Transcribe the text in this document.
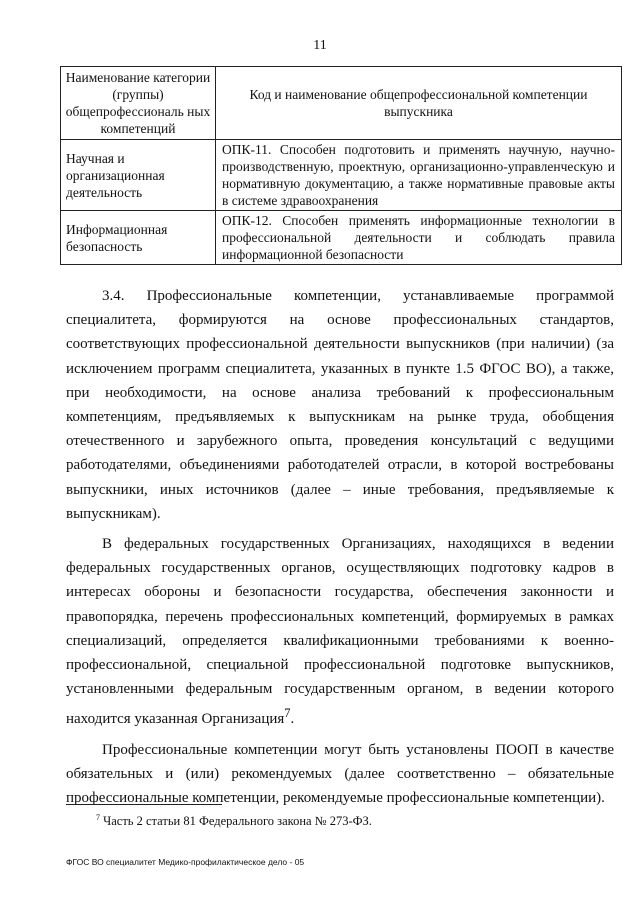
11
Наименование категории (группы) общепрофессиональ ных компетенций	Код и наименование общепрофессиональной компетенции выпускника
Научная и организационная деятельность	ОПК-11. Способен подготовить и применять научную, научно-производственную, проектную, организационно-управленческую и нормативную документацию, а также нормативные правовые акты в системе здравоохранения
Информационная безопасность	ОПК-12. Способен применять информационные технологии в профессиональной деятельности и соблюдать правила информационной безопасности

3.4. Профессиональные компетенции, устанавливаемые программой специалитета, формируются на основе профессиональных стандартов, соответствующих профессиональной деятельности выпускников (при наличии) (за исключением программ специалитета, указанных в пункте 1.5 ФГОС ВО), а также, при необходимости, на основе анализа требований к профессиональным компетенциям, предъявляемых к выпускникам на рынке труда, обобщения отечественного и зарубежного опыта, проведения консультаций с ведущими работодателями, объединениями работодателей отрасли, в которой востребованы выпускники, иных источников (далее – иные требования, предъявляемые к выпускникам).

В федеральных государственных Организациях, находящихся в ведении федеральных государственных органов, осуществляющих подготовку кадров в интересах обороны и безопасности государства, обеспечения законности и правопорядка, перечень профессиональных компетенций, формируемых в рамках специализаций, определяется квалификационными требованиями к военно-профессиональной, специальной профессиональной подготовке выпускников, установленными федеральным государственным органом, в ведении которого находится указанная Организация$^7$.

Профессиональные компетенции могут быть установлены ПООП в качестве обязательных и (или) рекомендуемых (далее соответственно – обязательные профессиональные компетенции, рекомендуемые профессиональные компетенции).

$^7$ Часть 2 статьи 81 Федерального закона № 273-ФЗ.
ФГОС ВО специалитет Медико-профилактическое дело - 05
